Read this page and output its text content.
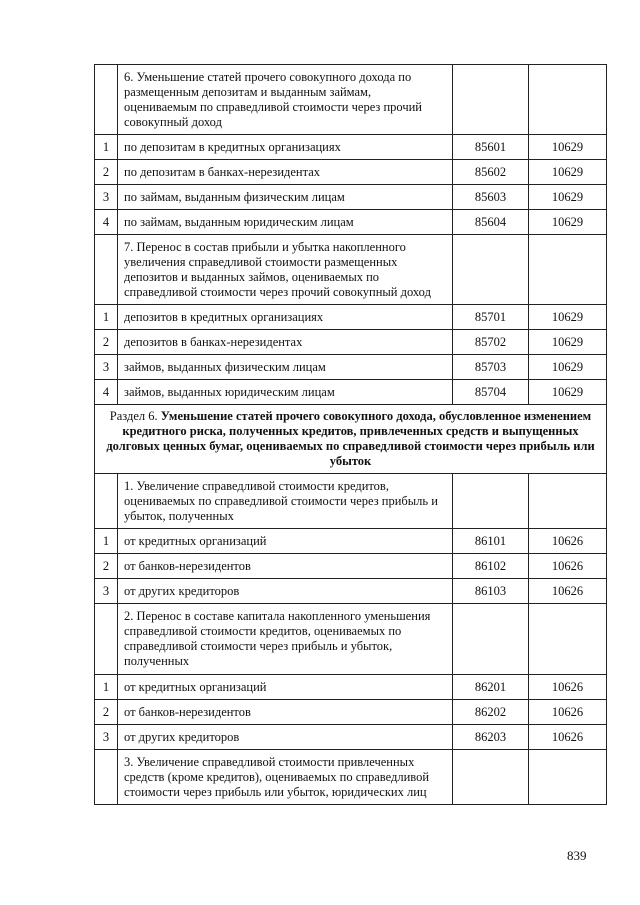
	6. Уменьшение статей прочего совокупного дохода по размещенным депозитам и выданным займам, оцениваемым по справедливой стоимости через прочий совокупный доход		
1	по депозитам в кредитных организациях	85601	10629
2	по депозитам в банках-нерезидентах	85602	10629
3	по займам, выданным физическим лицам	85603	10629
4	по займам, выданным юридическим лицам	85604	10629
	7. Перенос в состав прибыли и убытка накопленного увеличения справедливой стоимости размещенных депозитов и выданных займов, оцениваемых по справедливой стоимости через прочий совокупный доход		
1	депозитов в кредитных организациях	85701	10629
2	депозитов в банках-нерезидентах	85702	10629
3	займов, выданных физическим лицам	85703	10629
4	займов, выданных юридическим лицам	85704	10629
Раздел 6. Уменьшение статей прочего совокупного дохода, обусловленное изменением кредитного риска, полученных кредитов, привлеченных средств и выпущенных долговых ценных бумаг, оцениваемых по справедливой стоимости через прибыль или убыток			
	1. Увеличение справедливой стоимости кредитов, оцениваемых по справедливой стоимости через прибыль и убыток, полученных		
1	от кредитных организаций	86101	10626
2	от банков-нерезидентов	86102	10626
3	от других кредиторов	86103	10626
	2. Перенос в составе капитала накопленного уменьшения справедливой стоимости кредитов, оцениваемых по справедливой стоимости через прибыль и убыток, полученных		
1	от кредитных организаций	86201	10626
2	от банков-нерезидентов	86202	10626
3	от других кредиторов	86203	10626
	3. Увеличение справедливой стоимости привлеченных средств (кроме кредитов), оцениваемых по справедливой стоимости через прибыль или убыток, юридических лиц		
839
